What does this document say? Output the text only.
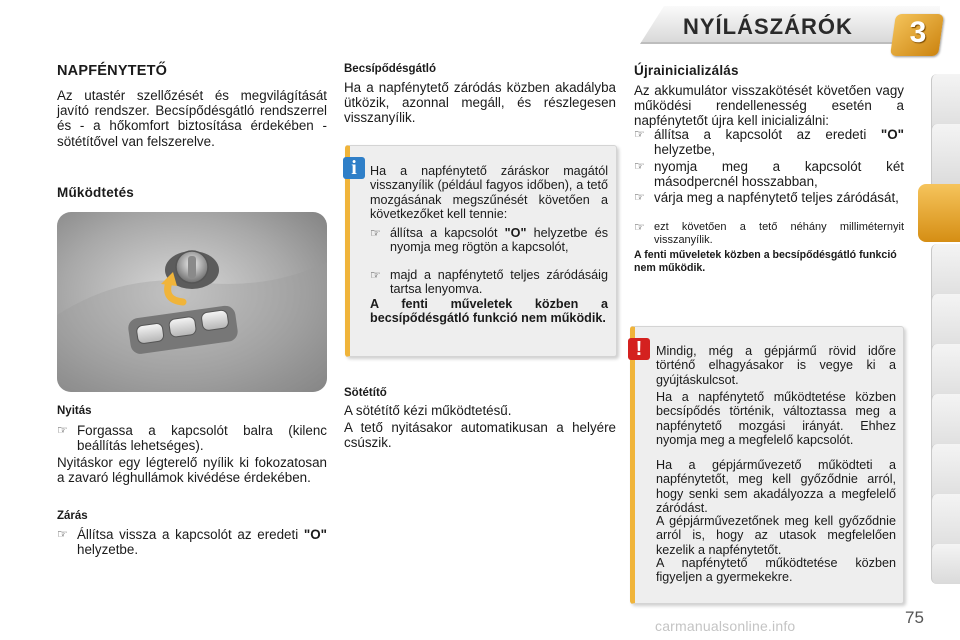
NYÍLÁSZÁRÓK 3
NAPFÉNYTETŐ
Az utastér szellőzését és megvilágítását javító rendszer. Becsípődésgátló rendszerrel és - a hőkomfort biztosítása érdekében - sötétítővel van felszerelve.
Működtetés
Nyitás
☞ Forgassa a kapcsolót balra (kilenc beállítás lehetséges).
Nyitáskor egy légterelő nyílik ki fokozatosan a zavaró léghullámok kivédése érdekében.
Zárás
☞ Állítsa vissza a kapcsolót az eredeti "O" helyzetbe.
Becsípődésgátló
Ha a napfénytető záródás közben akadályba ütközik, azonnal megáll, és részlegesen visszanyílik.
i	Ha a napfénytető záráskor magától visszanyílik (például fagyos időben), a tető mozgásának megszűnését követően a következőket kell tennie:
☞ állítsa a kapcsolót "O" helyzetbe és nyomja meg rögtön a kapcsolót,
☞ majd a napfénytető teljes záródásáig tartsa lenyomva.
A fenti műveletek közben a becsípődésgátló funkció nem működik.
Sötétítő
A sötétítő kézi működtetésű.
A tető nyitásakor automatikusan a helyére csúszik.
Újrainicializálás
Az akkumulátor visszakötését követően vagy működési rendellenesség esetén a napfénytetőt újra kell inicializálni:
☞ állítsa a kapcsolót az eredeti "O" helyzetbe,
☞ nyomja meg a kapcsolót két másodpercnél hosszabban,
☞ várja meg a napfénytető teljes záródását,
☞ ezt követően a tető néhány milliméternyit visszanyílik.
A fenti műveletek közben a becsípődésgátló funkció nem működik.
!	Mindig, még a gépjármű rövid időre történő elhagyásakor is vegye ki a gyújtáskulcsot.
Ha a napfénytető működtetése közben becsípődés történik, változtassa meg a napfénytető mozgási irányát. Ehhez nyomja meg a megfelelő kapcsolót.
Ha a gépjárművezető működteti a napfénytetőt, meg kell győződnie arról, hogy senki sem akadályozza a megfelelő záródást.
A gépjárművezetőnek meg kell győződnie arról is, hogy az utasok megfelelően kezelik a napfénytetőt.
A napfénytető működtetése közben figyeljen a gyermekekre.
75
carmanualsonline.info
